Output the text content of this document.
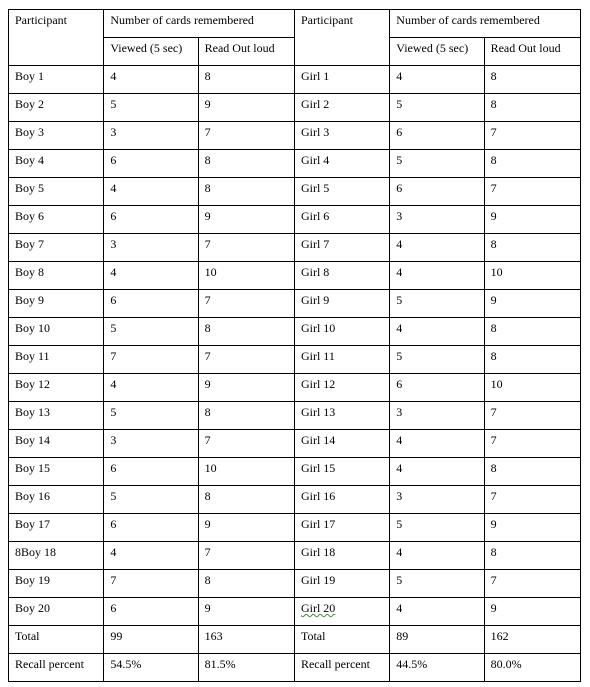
Participant	Number of cards remembered		Participant	Number of cards remembered	
	Viewed (5 sec)	Read Out loud		Viewed (5 sec)	Read Out loud
Boy 1	4	8	Girl 1	4	8
Boy 2	5	9	Girl 2	5	8
Boy 3	3	7	Girl 3	6	7
Boy 4	6	8	Girl 4	5	8
Boy 5	4	8	Girl 5	6	7
Boy 6	6	9	Girl 6	3	9
Boy 7	3	7	Girl 7	4	8
Boy 8	4	10	Girl 8	4	10
Boy 9	6	7	Girl 9	5	9
Boy 10	5	8	Girl 10	4	8
Boy 11	7	7	Girl 11	5	8
Boy 12	4	9	Girl 12	6	10
Boy 13	5	8	Girl 13	3	7
Boy 14	3	7	Girl 14	4	7
Boy 15	6	10	Girl 15	4	8
Boy 16	5	8	Girl 16	3	7
Boy 17	6	9	Girl 17	5	9
8Boy 18	4	7	Girl 18	4	8
Boy 19	7	8	Girl 19	5	7
Boy 20	6	9	Girl 20	4	9
Total	99	163	Total	89	162
Recall percent	54.5%	81.5%	Recall percent	44.5%	80.0%
